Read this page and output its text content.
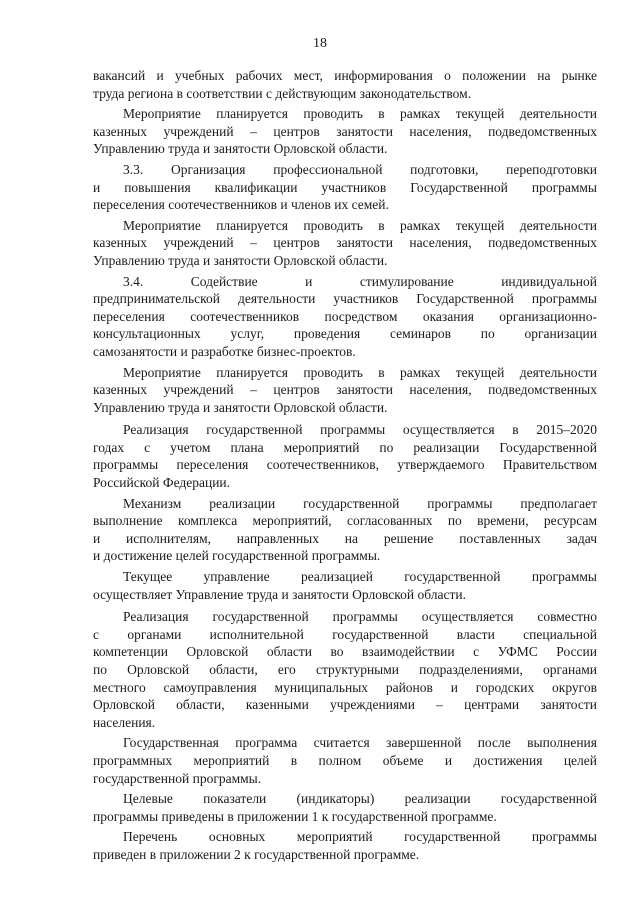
18
вакансий и учебных рабочих мест, информирования о положении на рынке
труда региона в соответствии с действующим законодательством.
Мероприятие планируется проводить в рамках текущей деятельности
казенных учреждений – центров занятости населения, подведомственных
Управлению труда и занятости Орловской области.
3.3. Организация профессиональной подготовки, переподготовки
и повышения квалификации участников Государственной программы
переселения соотечественников и членов их семей.
Мероприятие планируется проводить в рамках текущей деятельности
казенных учреждений – центров занятости населения, подведомственных
Управлению труда и занятости Орловской области.
3.4. Содействие и стимулирование индивидуальной
предпринимательской деятельности участников Государственной программы
переселения соотечественников посредством оказания организационно-
консультационных услуг, проведения семинаров по организации
самозанятости и разработке бизнес-проектов.
Мероприятие планируется проводить в рамках текущей деятельности
казенных учреждений – центров занятости населения, подведомственных
Управлению труда и занятости Орловской области.
Реализация государственной программы осуществляется в 2015–2020
годах с учетом плана мероприятий по реализации Государственной
программы переселения соотечественников, утверждаемого Правительством
Российской Федерации.
Механизм реализации государственной программы предполагает
выполнение комплекса мероприятий, согласованных по времени, ресурсам
и исполнителям, направленных на решение поставленных задач
и достижение целей государственной программы.
Текущее управление реализацией государственной программы
осуществляет Управление труда и занятости Орловской области.
Реализация государственной программы осуществляется совместно
с органами исполнительной государственной власти специальной
компетенции Орловской области во взаимодействии с УФМС России
по Орловской области, его структурными подразделениями, органами
местного самоуправления муниципальных районов и городских округов
Орловской области, казенными учреждениями – центрами занятости
населения.
Государственная программа считается завершенной после выполнения
программных мероприятий в полном объеме и достижения целей
государственной программы.
Целевые показатели (индикаторы) реализации государственной
программы приведены в приложении 1 к государственной программе.
Перечень основных мероприятий государственной программы
приведен в приложении 2 к государственной программе.
